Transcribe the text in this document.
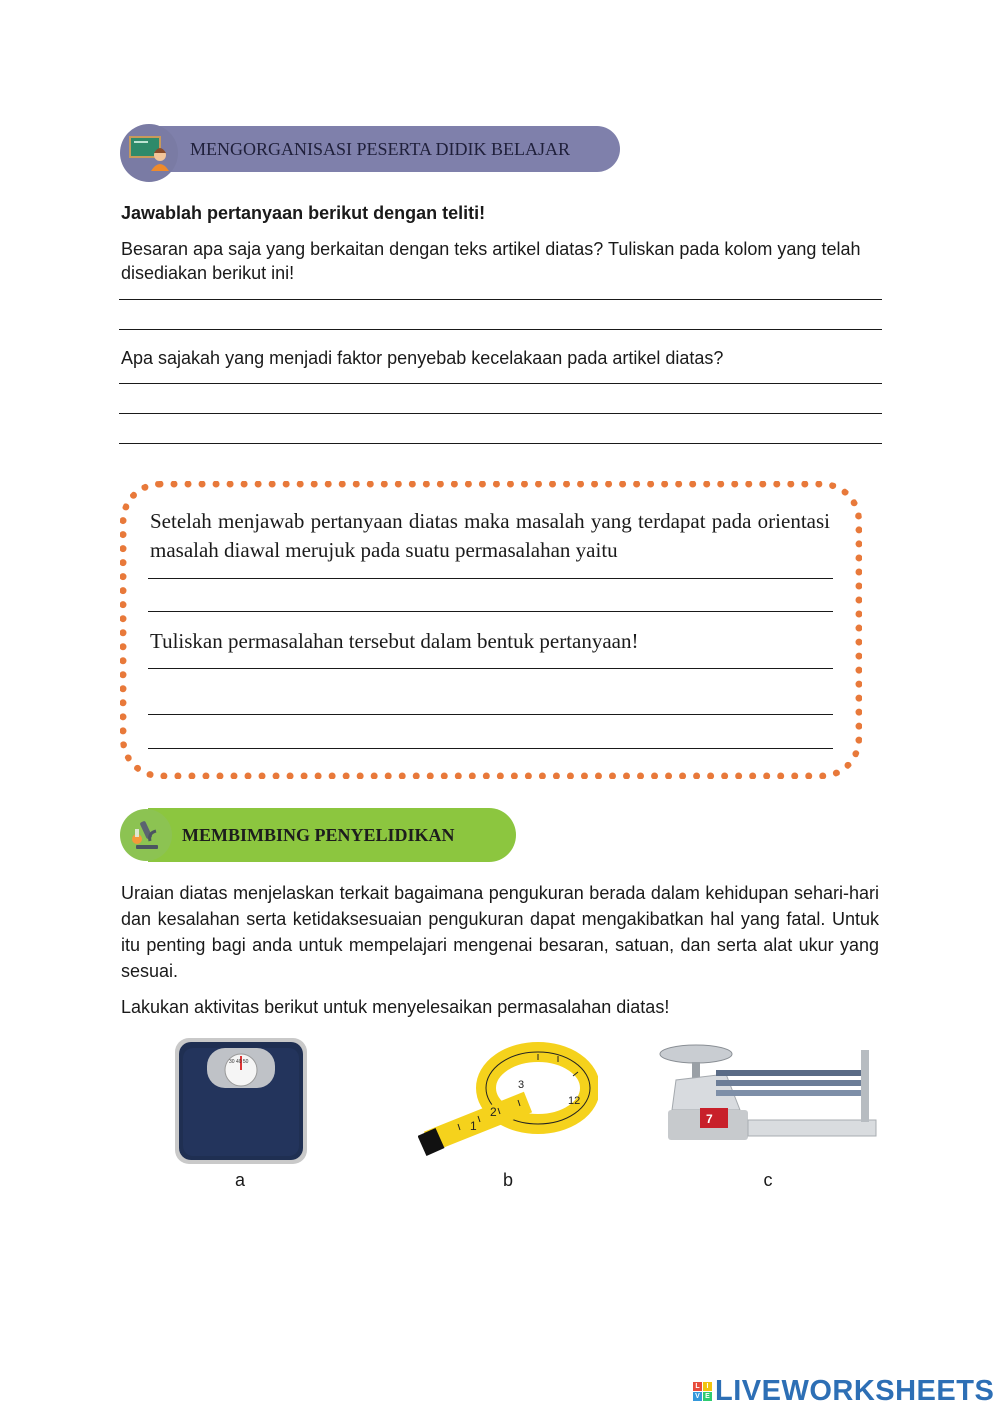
MENGORGANISASI PESERTA DIDIK BELAJAR
Jawablah pertanyaan berikut dengan teliti!
Besaran apa saja yang berkaitan dengan teks artikel diatas? Tuliskan pada kolom yang telah disediakan berikut ini!
Apa sajakah yang menjadi faktor penyebab kecelakaan pada artikel diatas?
Setelah menjawab pertanyaan diatas maka masalah yang terdapat pada orientasi masalah diawal merujuk pada suatu permasalahan yaitu
Tuliskan permasalahan tersebut dalam bentuk pertanyaan!
MEMBIMBING PENYELIDIKAN
Uraian diatas menjelaskan terkait bagaimana pengukuran berada dalam kehidupan sehari-hari dan kesalahan serta ketidaksesuaian pengukuran dapat mengakibatkan hal yang fatal. Untuk itu penting bagi anda untuk mempelajari mengenai besaran, satuan, dan serta alat ukur yang sesuai.
Lakukan aktivitas berikut untuk menyelesaikan permasalahan diatas!
30 40 50
a
1
2
3
12
b
7
c
L I
V E LIVEWORKSHEETS
